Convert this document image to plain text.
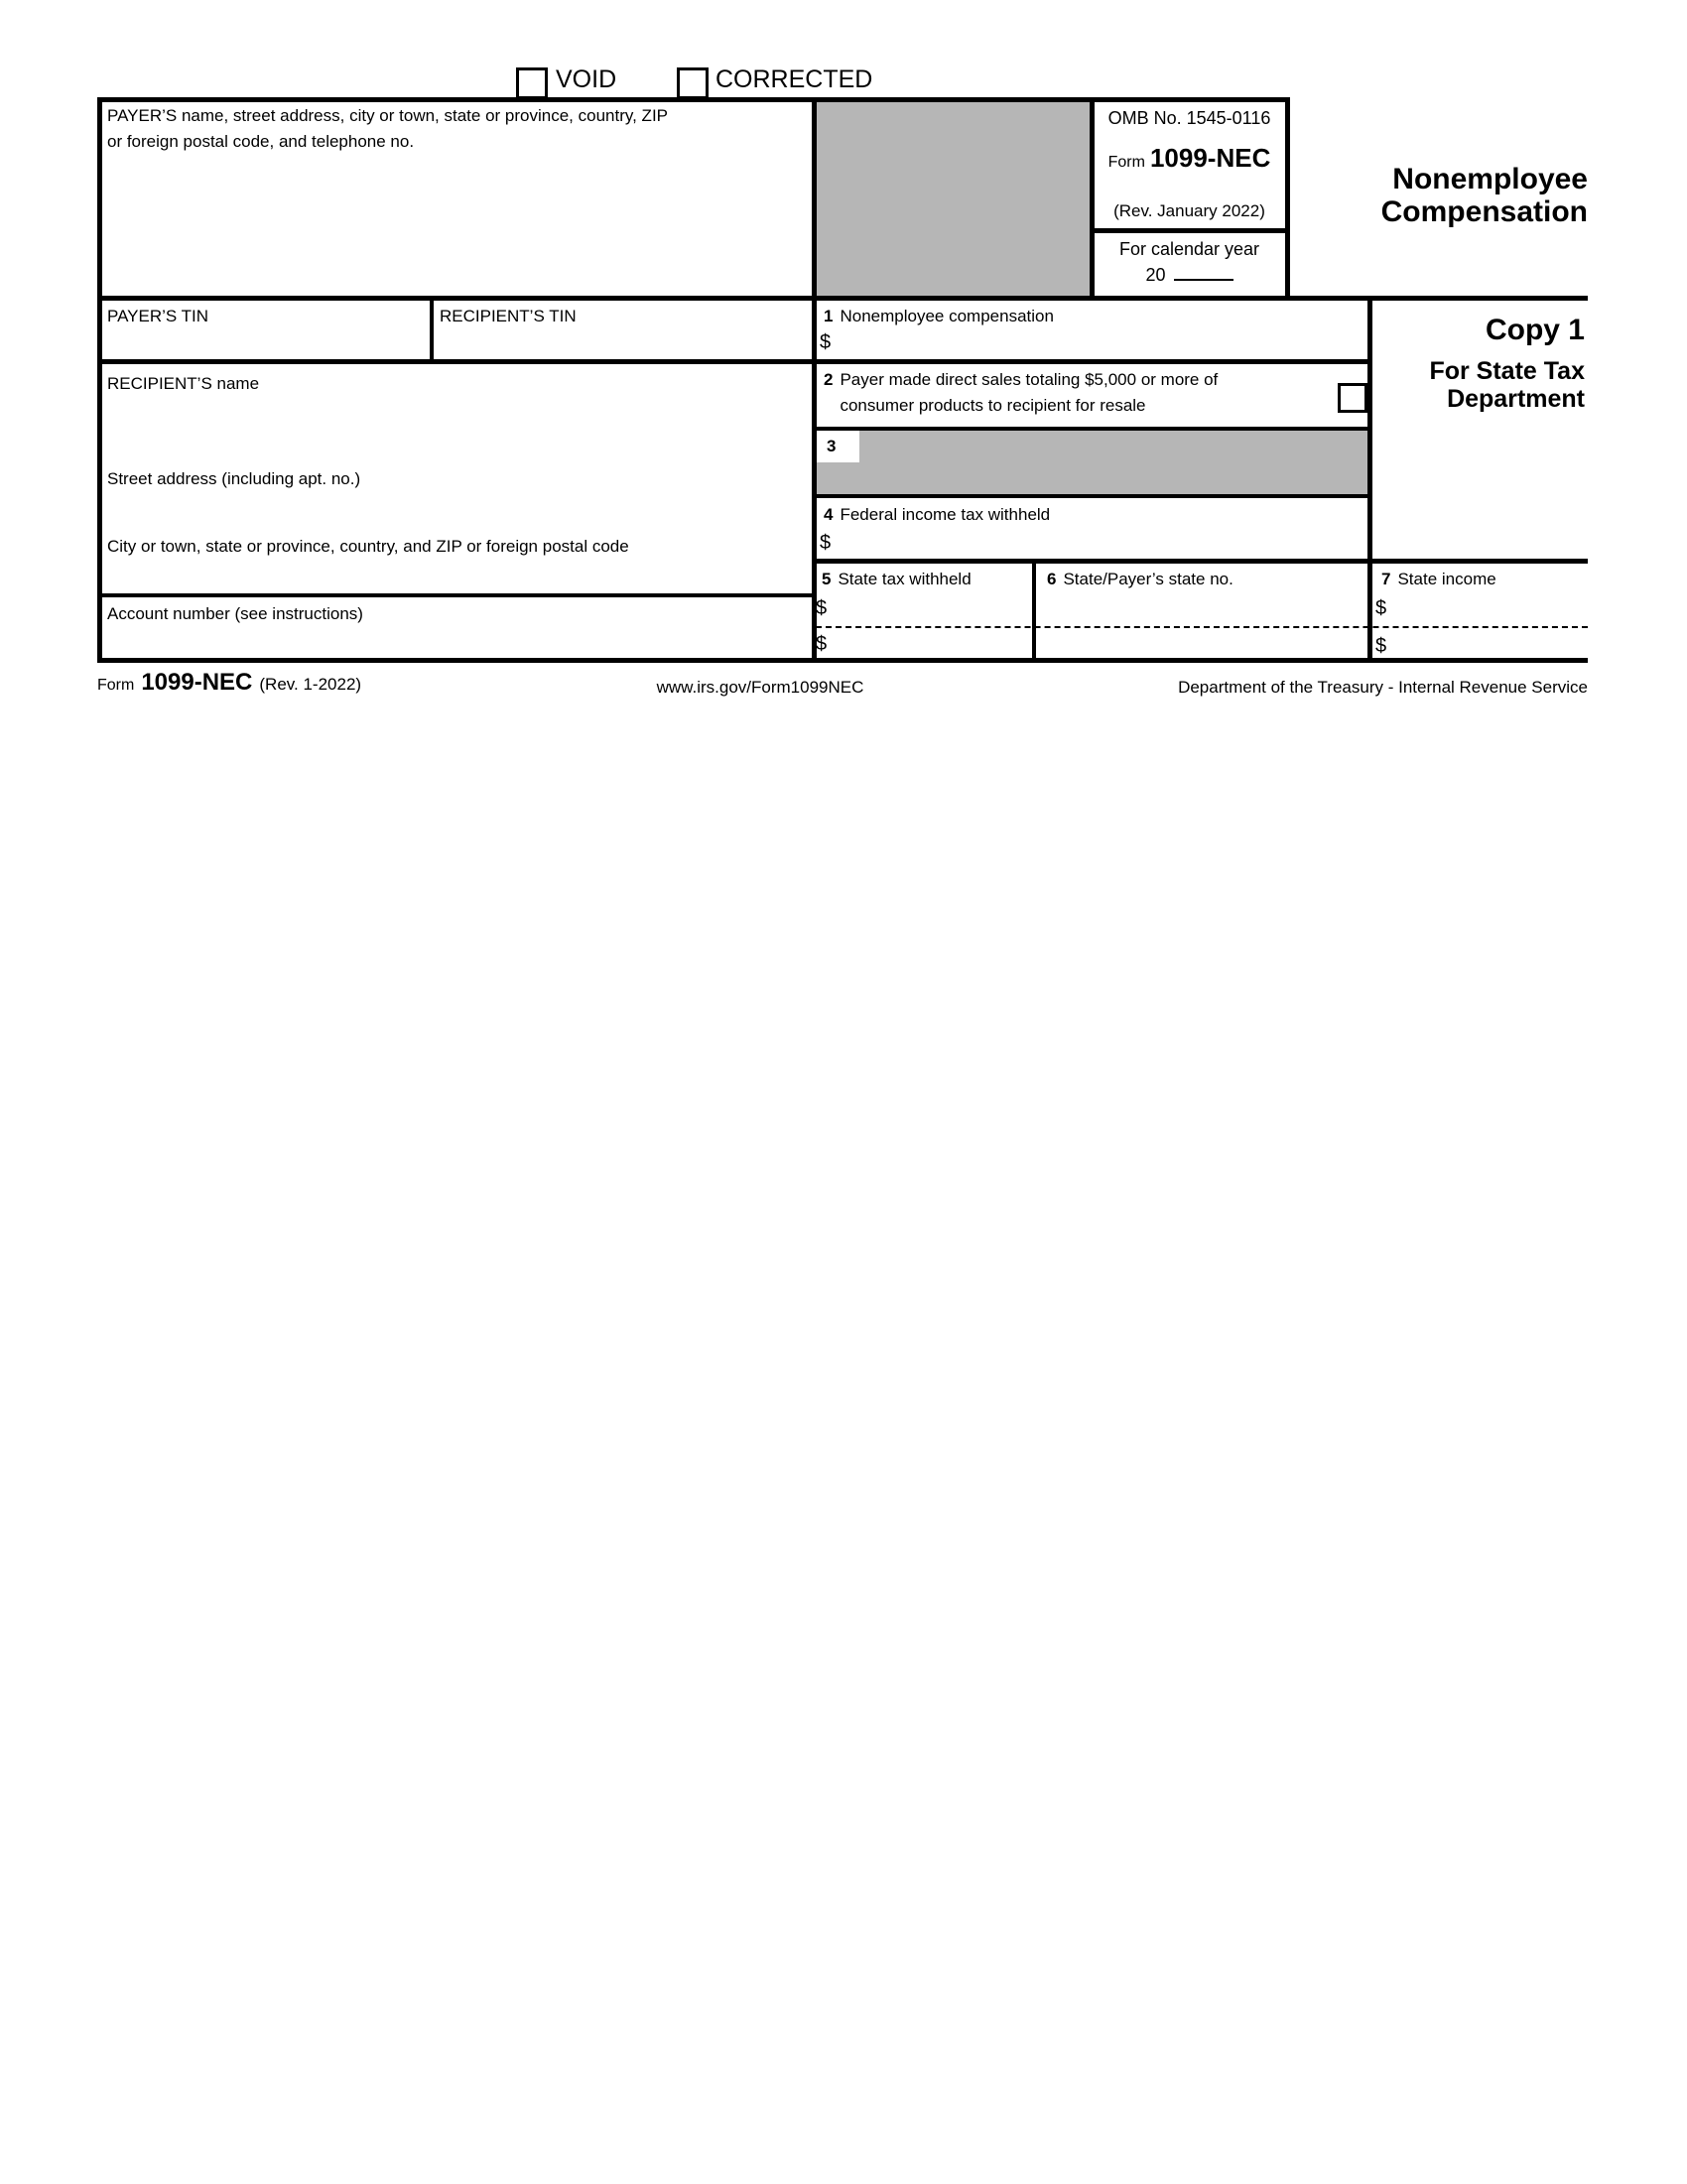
VOID	CORRECTED
PAYER’S name, street address, city or town, state or province, country, ZIP
or foreign postal code, and telephone no.
OMB No. 1545-0116
Form 1099-NEC
(Rev. January 2022)
For calendar year
20
Nonemployee
Compensation
PAYER’S TIN	RECIPIENT’S TIN
RECIPIENT’S name
Street address (including apt. no.)
City or town, state or province, country, and ZIP or foreign postal code
Account number (see instructions)
1 Nonemployee compensation
$
2 Payer made direct sales totaling $5,000 or more of
consumer products to recipient for resale
3
4 Federal income tax withheld
$
5 State tax withheld
$
$
6 State/Payer’s state no.	7 State income
$
$
Copy 1
For State Tax
Department
Form 1099-NEC (Rev. 1-2022)	www.irs.gov/Form1099NEC	Department of the Treasury - Internal Revenue Service
